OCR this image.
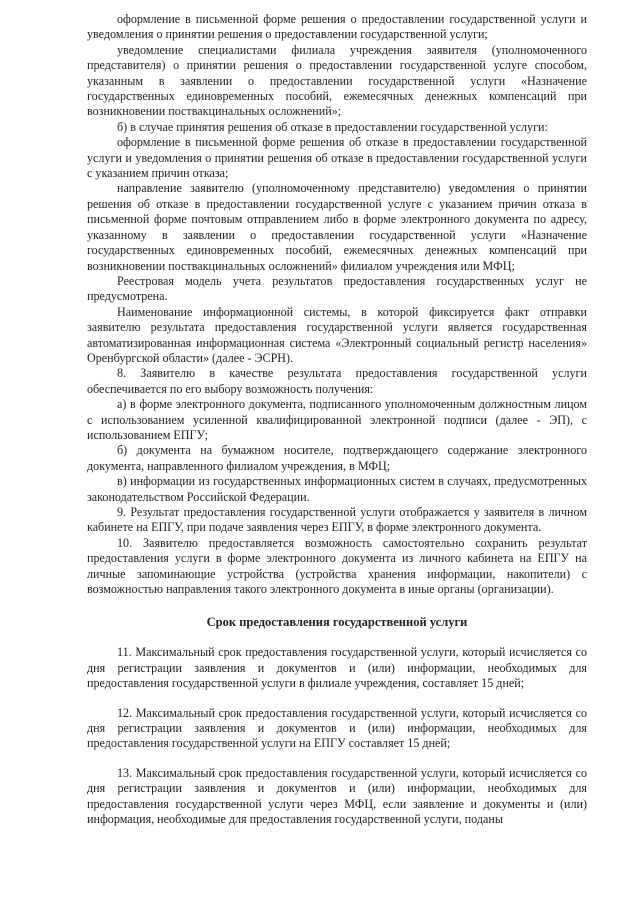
оформление в письменной форме решения о предоставлении государственной услуги и уведомления о принятии решения о предоставлении государственной услуги;

уведомление специалистами филиала учреждения заявителя (уполномоченного представителя) о принятии решения о предоставлении государственной услуге способом, указанным в заявлении о предоставлении государственной услуги «Назначение государственных единовременных пособий, ежемесячных денежных компенсаций при возникновении поствакцинальных осложнений»;

б) в случае принятия решения об отказе в предоставлении государственной услуги:

оформление в письменной форме решения об отказе в предоставлении государственной услуги и уведомления о принятии решения об отказе в предоставлении государственной услуги с указанием причин отказа;

направление заявителю (уполномоченному представителю) уведомления о принятии решения об отказе в предоставлении государственной услуге с указанием причин отказа в письменной форме почтовым отправлением либо в форме электронного документа по адресу, указанному в заявлении о предоставлении государственной услуги «Назначение государственных единовременных пособий, ежемесячных денежных компенсаций при возникновении поствакцинальных осложнений» филиалом учреждения или МФЦ;

Реестровая модель учета результатов предоставления государственных услуг не предусмотрена.

Наименование информационной системы, в которой фиксируется факт отправки заявителю результата предоставления государственной услуги является государственная автоматизированная информационная система «Электронный социальный регистр населения» Оренбургской области» (далее - ЭСРН).

8. Заявителю в качестве результата предоставления государственной услуги обеспечивается по его выбору возможность получения:

а) в форме электронного документа, подписанного уполномоченным должностным лицом с использованием усиленной квалифицированной электронной подписи (далее - ЭП), с использованием ЕПГУ;

б) документа на бумажном носителе, подтверждающего содержание электронного документа, направленного филиалом учреждения, в МФЦ;

в) информации из государственных информационных систем в случаях, предусмотренных законодательством Российской Федерации.

9. Результат предоставления государственной услуги отображается у заявителя в личном кабинете на ЕПГУ, при подаче заявления через ЕПГУ, в форме электронного документа.

10. Заявителю предоставляется возможность самостоятельно сохранить результат предоставления услуги в форме электронного документа из личного кабинета на ЕПГУ на личные запоминающие устройства (устройства хранения информации, накопители) с возможностью направления такого электронного документа в иные органы (организации).

Срок предоставления государственной услуги

11. Максимальный срок предоставления государственной услуги, который исчисляется со дня регистрации заявления и документов и (или) информации, необходимых для предоставления государственной услуги в филиале учреждения, составляет 15 дней;

12. Максимальный срок предоставления государственной услуги, который исчисляется со дня регистрации заявления и документов и (или) информации, необходимых для предоставления государственной услуги на ЕПГУ составляет 15 дней;

13. Максимальный срок предоставления государственной услуги, который исчисляется со дня регистрации заявления и документов и (или) информации, необходимых для предоставления государственной услуги через МФЦ, если заявление и документы и (или) информация, необходимые для предоставления государственной услуги, поданы
